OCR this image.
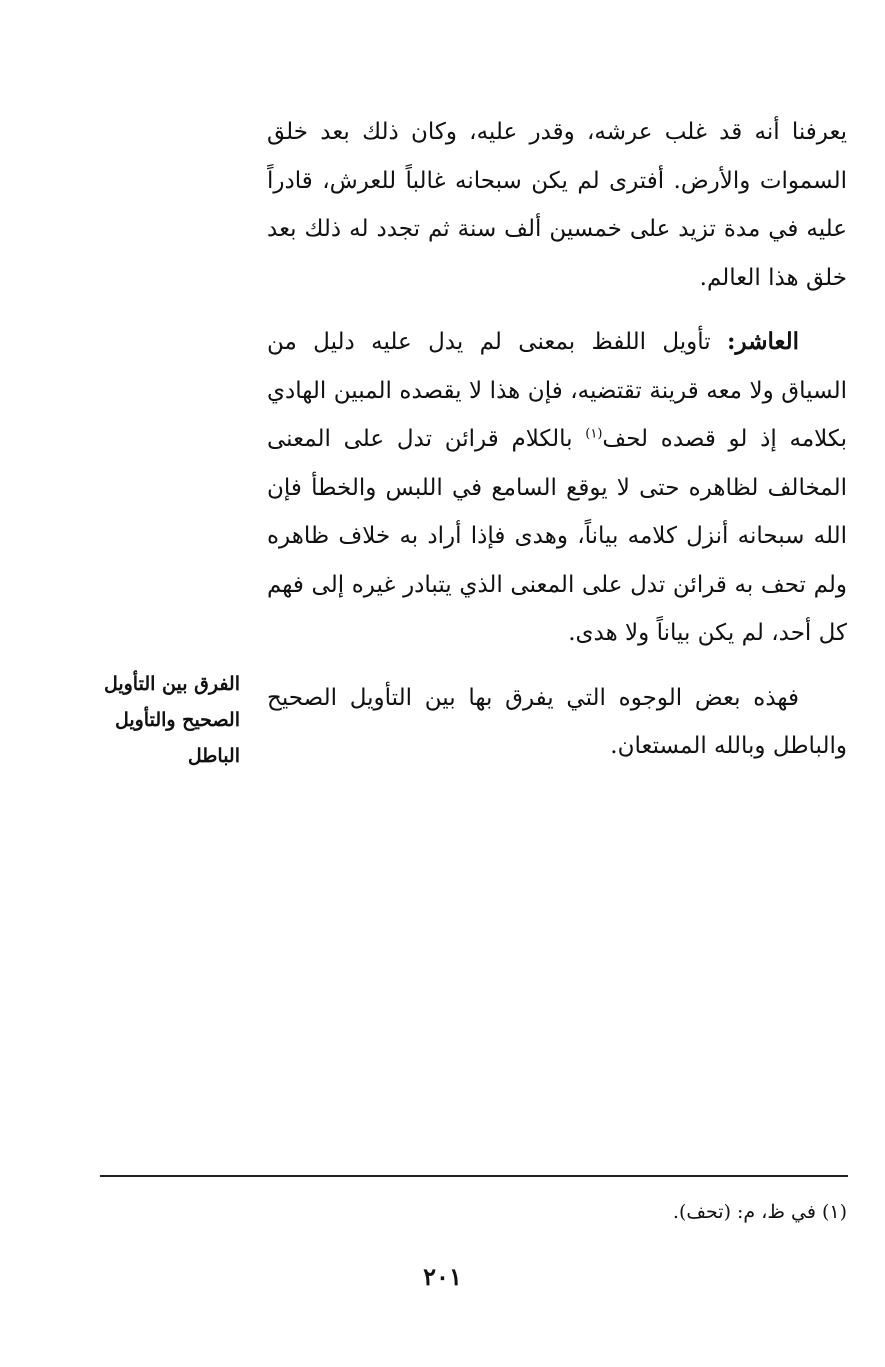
يعرفنا أنه قد غلب عرشه، وقدر عليه، وكان ذلك بعد خلق السموات والأرض. أفترى لم يكن سبحانه غالباً للعرش، قادراً عليه في مدة تزيد على خمسين ألف سنة ثم تجدد له ذلك بعد خلق هذا العالم.

العاشر: تأويل اللفظ بمعنى لم يدل عليه دليل من السياق ولا معه قرينة تقتضيه، فإن هذا لا يقصده المبين الهادي بكلامه إذ لو قصده لحف$^{(١)}$ بالكلام قرائن تدل على المعنى المخالف لظاهره حتى لا يوقع السامع في اللبس والخطأ فإن الله سبحانه أنزل كلامه بياناً، وهدى فإذا أراد به خلاف ظاهره ولم تحف به قرائن تدل على المعنى الذي يتبادر غيره إلى فهم كل أحد، لم يكن بياناً ولا هدى.

فهذه بعض الوجوه التي يفرق بها بين التأويل الصحيح والباطل وبالله المستعان.

الفرق بين التأويل
الصحيح والتأويل
الباطل
(١) في ظ، م: (تحف).
٢٠١
